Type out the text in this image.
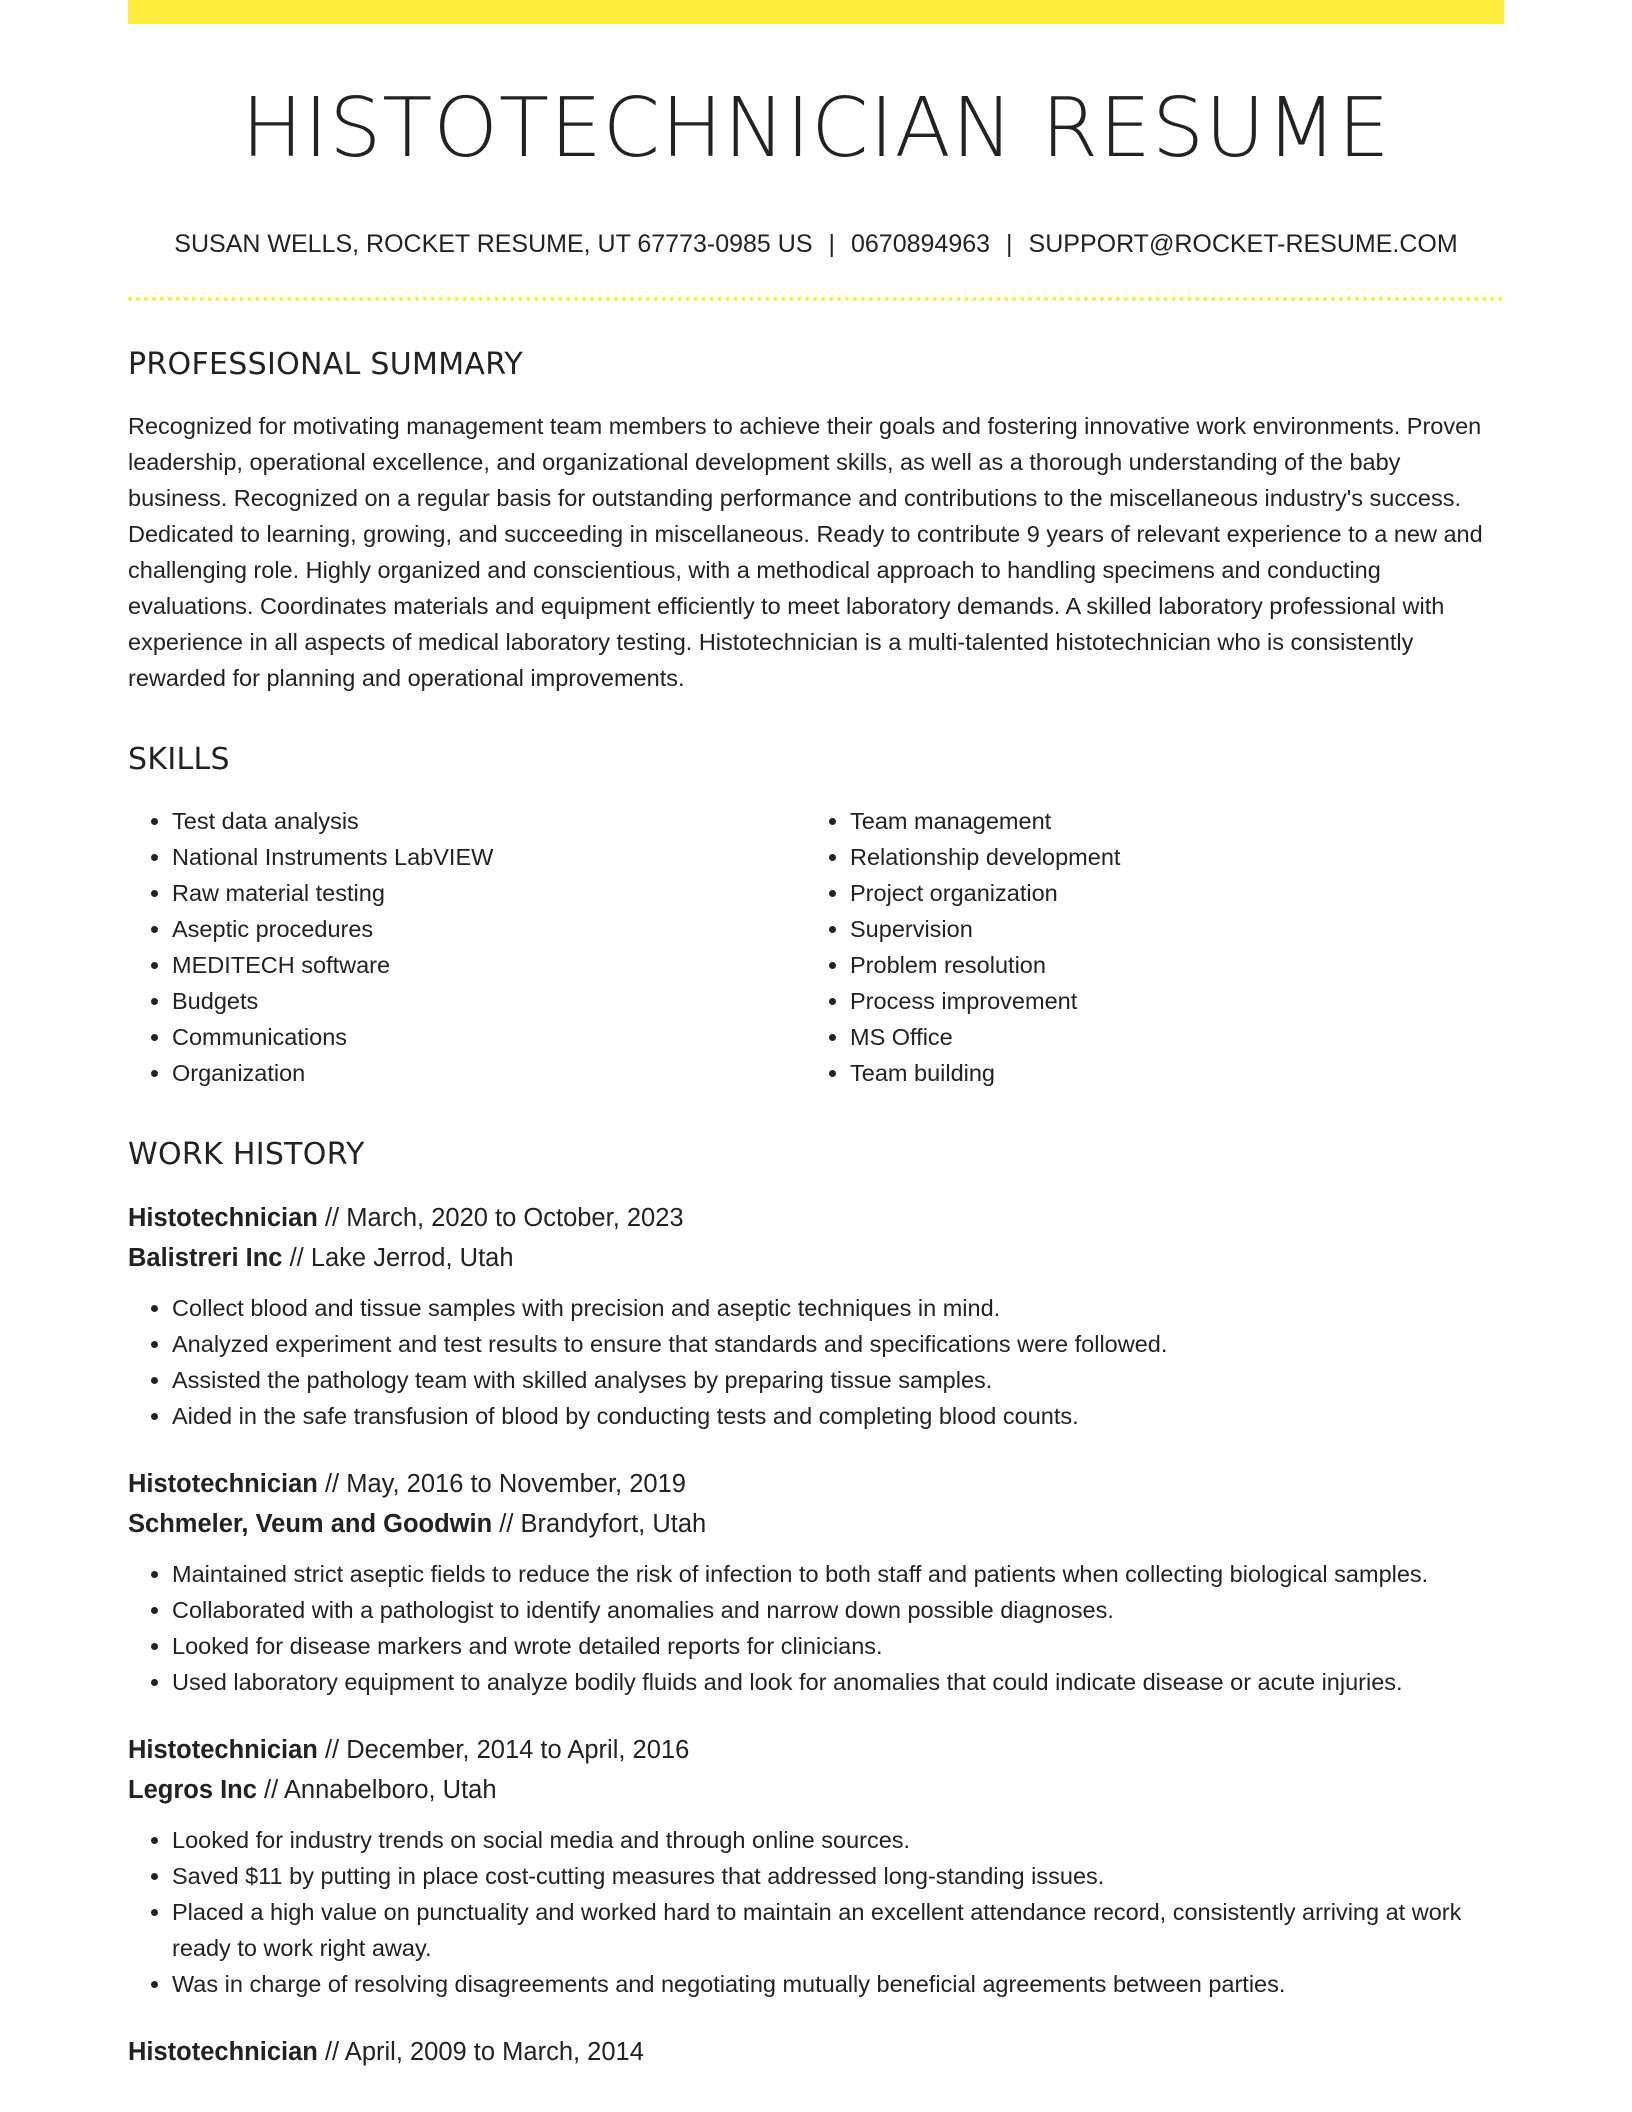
HISTOTECHNICIAN RESUME
SUSAN WELLS, ROCKET RESUME, UT 67773-0985 US | 0670894963 | SUPPORT@ROCKET-RESUME.COM
PROFESSIONAL SUMMARY

Recognized for motivating management team members to achieve their goals and fostering innovative work environments. Proven leadership, operational excellence, and organizational development skills, as well as a thorough understanding of the baby business. Recognized on a regular basis for outstanding performance and contributions to the miscellaneous industry's success. Dedicated to learning, growing, and succeeding in miscellaneous. Ready to contribute 9 years of relevant experience to a new and challenging role. Highly organized and conscientious, with a methodical approach to handling specimens and conducting evaluations. Coordinates materials and equipment efficiently to meet laboratory demands. A skilled laboratory professional with experience in all aspects of medical laboratory testing. Histotechnician is a multi-talented histotechnician who is consistently rewarded for planning and operational improvements.

SKILLS
• Test data analysis
• National Instruments LabVIEW
• Raw material testing
• Aseptic procedures
• MEDITECH software
• Budgets
• Communications
• Organization
• Team management
• Relationship development
• Project organization
• Supervision
• Problem resolution
• Process improvement
• MS Office
• Team building
WORK HISTORY
Histotechnician // March, 2020 to October, 2023
Balistreri Inc // Lake Jerrod, Utah
• Collect blood and tissue samples with precision and aseptic techniques in mind.
• Analyzed experiment and test results to ensure that standards and specifications were followed.
• Assisted the pathology team with skilled analyses by preparing tissue samples.
• Aided in the safe transfusion of blood by conducting tests and completing blood counts.
Histotechnician // May, 2016 to November, 2019
Schmeler, Veum and Goodwin // Brandyfort, Utah
• Maintained strict aseptic fields to reduce the risk of infection to both staff and patients when collecting biological samples.
• Collaborated with a pathologist to identify anomalies and narrow down possible diagnoses.
• Looked for disease markers and wrote detailed reports for clinicians.
• Used laboratory equipment to analyze bodily fluids and look for anomalies that could indicate disease or acute injuries.
Histotechnician // December, 2014 to April, 2016
Legros Inc // Annabelboro, Utah
• Looked for industry trends on social media and through online sources.
• Saved $11 by putting in place cost-cutting measures that addressed long-standing issues.
• Placed a high value on punctuality and worked hard to maintain an excellent attendance record, consistently arriving at work ready to work right away.
• Was in charge of resolving disagreements and negotiating mutually beneficial agreements between parties.
Histotechnician // April, 2009 to March, 2014
